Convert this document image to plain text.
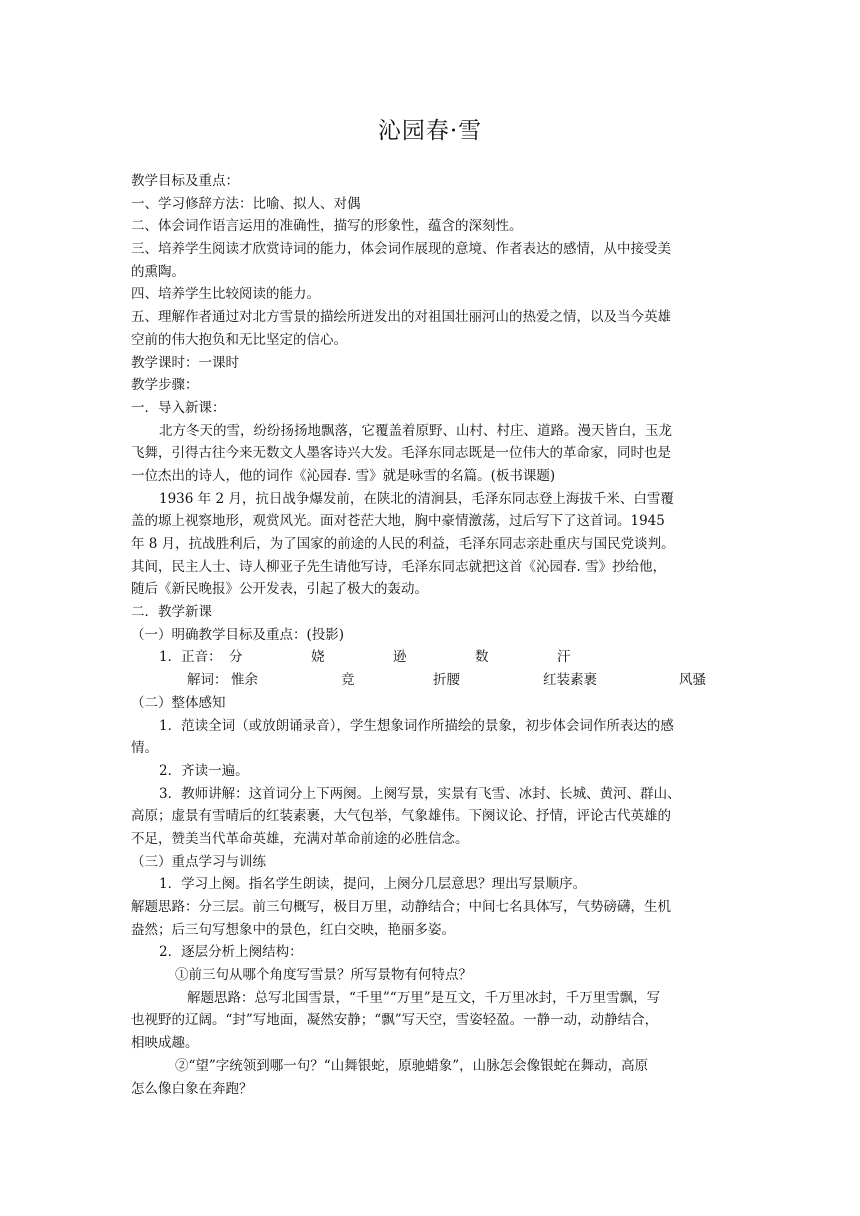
沁园春·雪
教学目标及重点：
一、学习修辞方法：比喻、拟人、对偶
二、体会词作语言运用的准确性，描写的形象性，蕴含的深刻性。
三、培养学生阅读才欣赏诗词的能力，体会词作展现的意境、作者表达的感情，从中接受美
的熏陶。
四、培养学生比较阅读的能力。
五、理解作者通过对北方雪景的描绘所迸发出的对祖国壮丽河山的热爱之情，以及当今英雄
空前的伟大抱负和无比坚定的信心。
教学课时：一课时
教学步骤：
一．导入新课：
北方冬天的雪，纷纷扬扬地飘落，它覆盖着原野、山村、村庄、道路。漫天皆白，玉龙
飞舞，引得古往今来无数文人墨客诗兴大发。毛泽东同志既是一位伟大的革命家，同时也是
一位杰出的诗人，他的词作《沁园春. 雪》就是咏雪的名篇。(板书课题)
1936 年 2 月，抗日战争爆发前，在陕北的清涧县，毛泽东同志登上海拔千米、白雪覆
盖的塬上视察地形，观赏风光。面对苍茫大地，胸中豪情激荡，过后写下了这首词。1945
年 8 月，抗战胜利后，为了国家的前途的人民的利益，毛泽东同志亲赴重庆与国民党谈判。
其间，民主人士、诗人柳亚子先生请他写诗，毛泽东同志就把这首《沁园春. 雪》抄给他，
随后《新民晚报》公开发表，引起了极大的轰动。
二．教学新课
（一）明确教学目标及重点：(投影)
1．正音： 分	娆	逊	数	汗
解词： 惟余	竞	折腰	红装素裹	风骚
（二）整体感知
1．范读全词（或放朗诵录音），学生想象词作所描绘的景象，初步体会词作所表达的感
情。
2．齐读一遍。
3．教师讲解：这首词分上下两阕。上阕写景，实景有飞雪、冰封、长城、黄河、群山、
高原；虚景有雪晴后的红装素裹，大气包举，气象雄伟。下阕议论、抒情，评论古代英雄的
不足，赞美当代革命英雄，充满对革命前途的必胜信念。
（三）重点学习与训练
1．学习上阕。指名学生朗读，提问，上阕分几层意思？理出写景顺序。
解题思路：分三层。前三句概写，极目万里，动静结合；中间七名具体写，气势磅礴，生机
盎然；后三句写想象中的景色，红白交映，艳丽多姿。
2．逐层分析上阕结构：
①前三句从哪个角度写雪景？所写景物有何特点？
解题思路：总写北国雪景，“千里”“万里”是互文，千万里冰封，千万里雪飘，写
也视野的辽阔。“封”写地面，凝然安静；“飘”写天空，雪姿轻盈。一静一动，动静结合，
相映成趣。
②“望”字统领到哪一句？“山舞银蛇，原驰蜡象”，山脉怎会像银蛇在舞动，高原
怎么像白象在奔跑？
